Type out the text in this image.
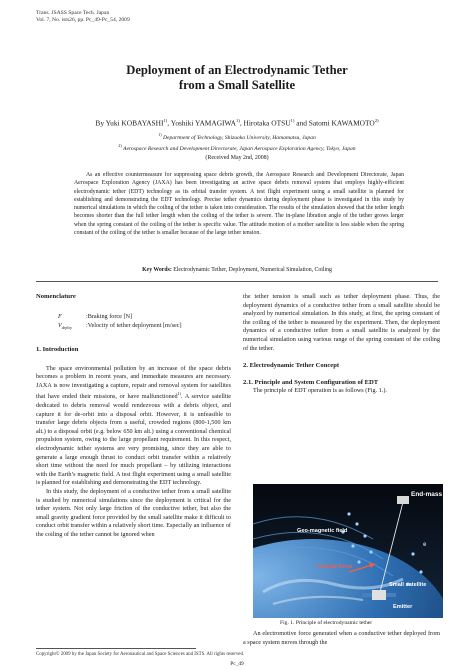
Trans. JSASS Space Tech. Japan
Vol. 7, No. ists26, pp. Pc_49-Pc_54, 2009
Deployment of an Electrodynamic Tether
from a Small Satellite
By Yuki KOBAYASHI$^{1)}$, Yoshiki YAMAGIWA$^{1)}$, Hirotaka OTSU$^{1)}$ and Satomi KAWAMOTO$^{2)}$
$^{1)}$ Department of Technology, Shizuoka University, Hamamatsu, Japan
$^{2)}$ Aerospace Research and Development Directorate, Japan Aerospace Exploration Agency, Tokyo, Japan
(Received May 2nd, 2008)
As an effective countermeasure for suppressing space debris growth, the Aerospace Research and Development Directorate, Japan Aerospace Exploration Agency (JAXA) has been investigating an active space debris removal system that employs highly-efficient electrodynamic tether (EDT) technology as its orbital transfer system. A test flight experiment using a small satellite is planned for establishing and demonstrating the EDT technology. Precise tether dynamics during deployment phase is investigated in this study by numerical simulations in which the coiling of the tether is taken into consideration. The results of the simulation showed that the tether length becomes shorter than the full tether length when the coiling of the tether is severe. The in-plane libration angle of the tether grows larger when the spring constant of the coiling of the tether is specific value. The attitude motion of a mother satellite is less stable when the spring constant of the coiling of the tether is smaller because of the large tether tension.
Key Words: Electrodynamic Tether, Deployment, Numerical Simulation, Coiling

Nomenclature

F	:Braking force [N]
$V_{deploy}$ :Velocity of tether deployment [m/sec]

1. Introduction

The space environmental pollution by an increase of the space debris becomes a problem in recent years, and immediate measures are necessary. JAXA is now investigating a capture, repair and removal system for satellites that have ended their missions, or have malfunctioned$^{1)}$. A service satellite dedicated to debris removal would rendezvous with a debris object, and capture it for de-orbit into a disposal orbit. However, it is unfeasible to transfer large debris objects from a useful, crowded regions (800-1,500 km alt.) to a disposal orbit (e.g. below 650 km alt.) using a conventional chemical propulsion system, owing to the large propellant requirement. In this respect, electrodynamic tether systems are very promising, since they are able to generate a large enough thrust to conduct orbit transfer within a relatively short time without the need for much propellant – by utilizing interactions with the Earth’s magnetic field. A test flight experiment using a small satellite is planned for establishing and demonstrating the EDT technology.

In this study, the deployment of a conductive tether from a small satellite is studied by numerical simulations since the deployment is critical for the tether system. Not only large friction of the conductive tether, but also the small gravity gradient force provided by the small satellite make it difficult to conduct orbit transfer within a relatively short time. Especially an influence of the coiling of the tether cannot be ignored when

the tether tension is small such as tether deployment phase. Thus, the deployment dynamics of a conductive tether from a small satellite should be analyzed by numerical simulation. In this study, at first, the spring constant of the coiling of the tether is measured by the experiment. Then, the deployment dynamics of a conductive tether from a small satellite is analyzed by the numerical simulation using various range of the spring constant of the coiling of the tether.

2. Electrodynamic Tether Concept

2.1. Principle and System Configuration of EDT

The principle of EDT operation is as follows (Fig. 1.).

End-mass
Geo-magnetic field
Lorentz force
Small satellite
Emitter
e
Fig. 1. Principle of electrodynamic tether

An electromotive force generated when a conductive tether deployed from a space system moves through the

Copyright© 2009 by the Japan Society for Aeronautical and Space Sciences and ISTS. All rights reserved.
Pc_49
